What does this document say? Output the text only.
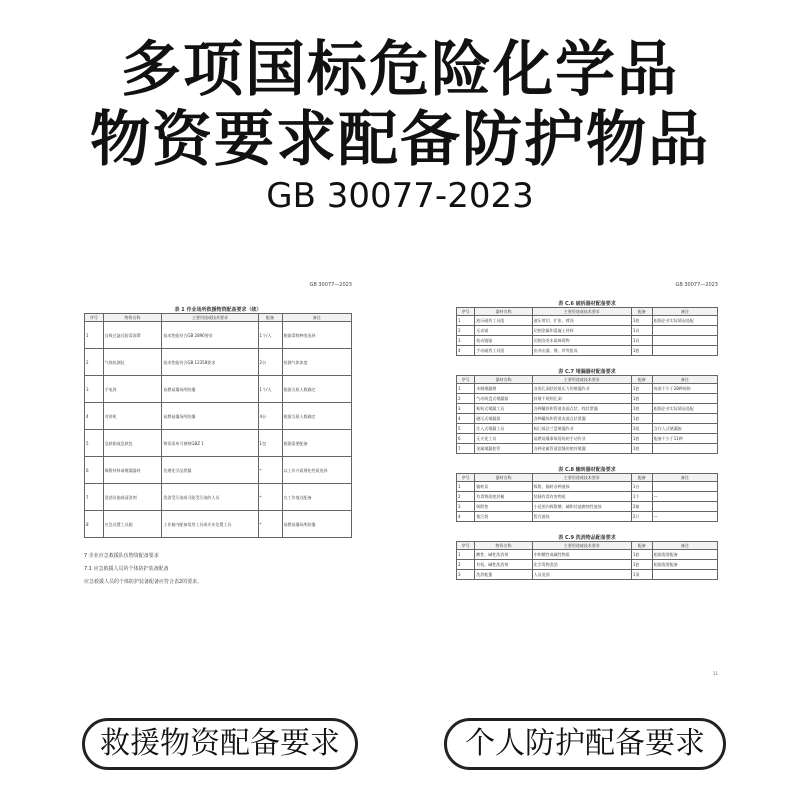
多项国标危险化学品
物资要求配备防护物品
GB 30077-2023
GB 30077—2023

表 1 作业场所救援物资配备要求（续）

序号	物资名称	主要用途或技术要求	配备	备注
1	自吸过滤式防毒面罩	技术性能符合GB 2890要求	1个/人	根据毒物种类选择
2	气体检测仪	技术性能符合GB 12358要求	2台	检测气体浓度
3	手电筒	易燃易爆场所防爆	1个/人	根据当班人数确定
4	对讲机	易燃易爆场所防爆	4台	根据当班人数确定
5	急救箱或急救包	物资清单可参照GBZ 1	1包	根据需要配备
6	吸附材料或堵漏器材	处理化学品泄漏	*	以工作介质理化性质选择
7	洗消设施或清洗剂	洗消受污染或可能受污染的人员	*	在工作地点配备
8	应急处置工具箱	工作箱内配备常用工具或专业处置工具	*	易燃易爆场所防爆

7 企业应急救援队伍物资配备要求

7.1 应急救援人员的个体防护装备配备

应急救援人员的个体防护装备配备应符合表2的要求。

GB 30077—2023

表 C.6 破拆器材配备要求

序号	器材名称	主要用途或技术要求	配备	备注
1	液压破拆工具组	液压剪切、扩张、撑顶	1套	根据企业实际情况选配
2	无齿锯	切割金属和混凝土材料	1具	
3	机动链锯	切割各类木质障碍物	1具	
4	手动破拆工具组	由冲击器、锤、斧等组成	1套	

表 C.7 堵漏器材配备要求

序号	器材名称	主要用途或技术要求	配备	备注
1	木制堵漏楔	各类孔洞状较低压力的堵漏作业	1套	每套不少于28种规格
2	气动吸盘式堵漏器	封堵不规则孔洞	1套	
3	粘贴式堵漏工具	各种罐体和管道表面点状、线状泄漏	1套	根据企业实际情况选配
4	磁压式堵漏器	各种罐体和管道表面点状泄漏	1套	
5	注入式堵漏工具	阀门或法兰盘堵漏作业	1组	含注入式堵漏胶
6	无火花工具	易燃易爆事故现场的手动作业	1套	配备不少于11种
7	金属堵漏套管	各种金属管道裂缝的密封堵漏	1套	

表 C.8 输转器材配备要求

序号	器材名称	主要用途或技术要求	配备	备注
1	输转泵	吸附、输转各种液体	1台	
2	有毒物质密封桶	装载有毒有害物质	1个	—
3	吸附垫	小范围内吸附酸、碱和其他腐蚀性液体	2箱	
4	集污袋	暂存液体	2只	—

表 C.9 洗消物品配备要求

序号	物资名称	主要用途或技术要求	配备	备注
1	酸性、碱性洗消剂	中和酸性或碱性物质	1套	根据需要配备
2	有机、碱性洗消剂	化学毒物洗消	1套	根据需要配备
3	洗消帐篷	人员洗消	1顶	
11
救援物资配备要求	个人防护配备要求
